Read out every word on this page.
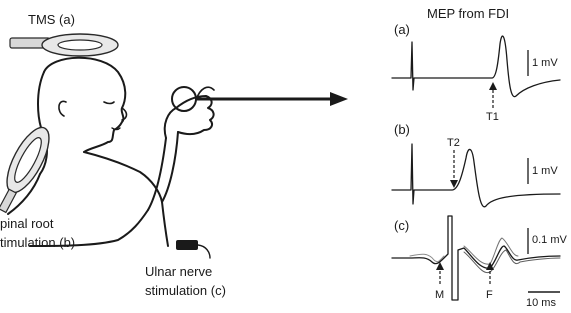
TMS (a)
pinal root
timulation (b)
Ulnar nerve
stimulation (c)
MEP from FDI
(a)
1 mV
T1
(b)
1 mV
T2
(c)
0.1 mV
M	F
10 ms
